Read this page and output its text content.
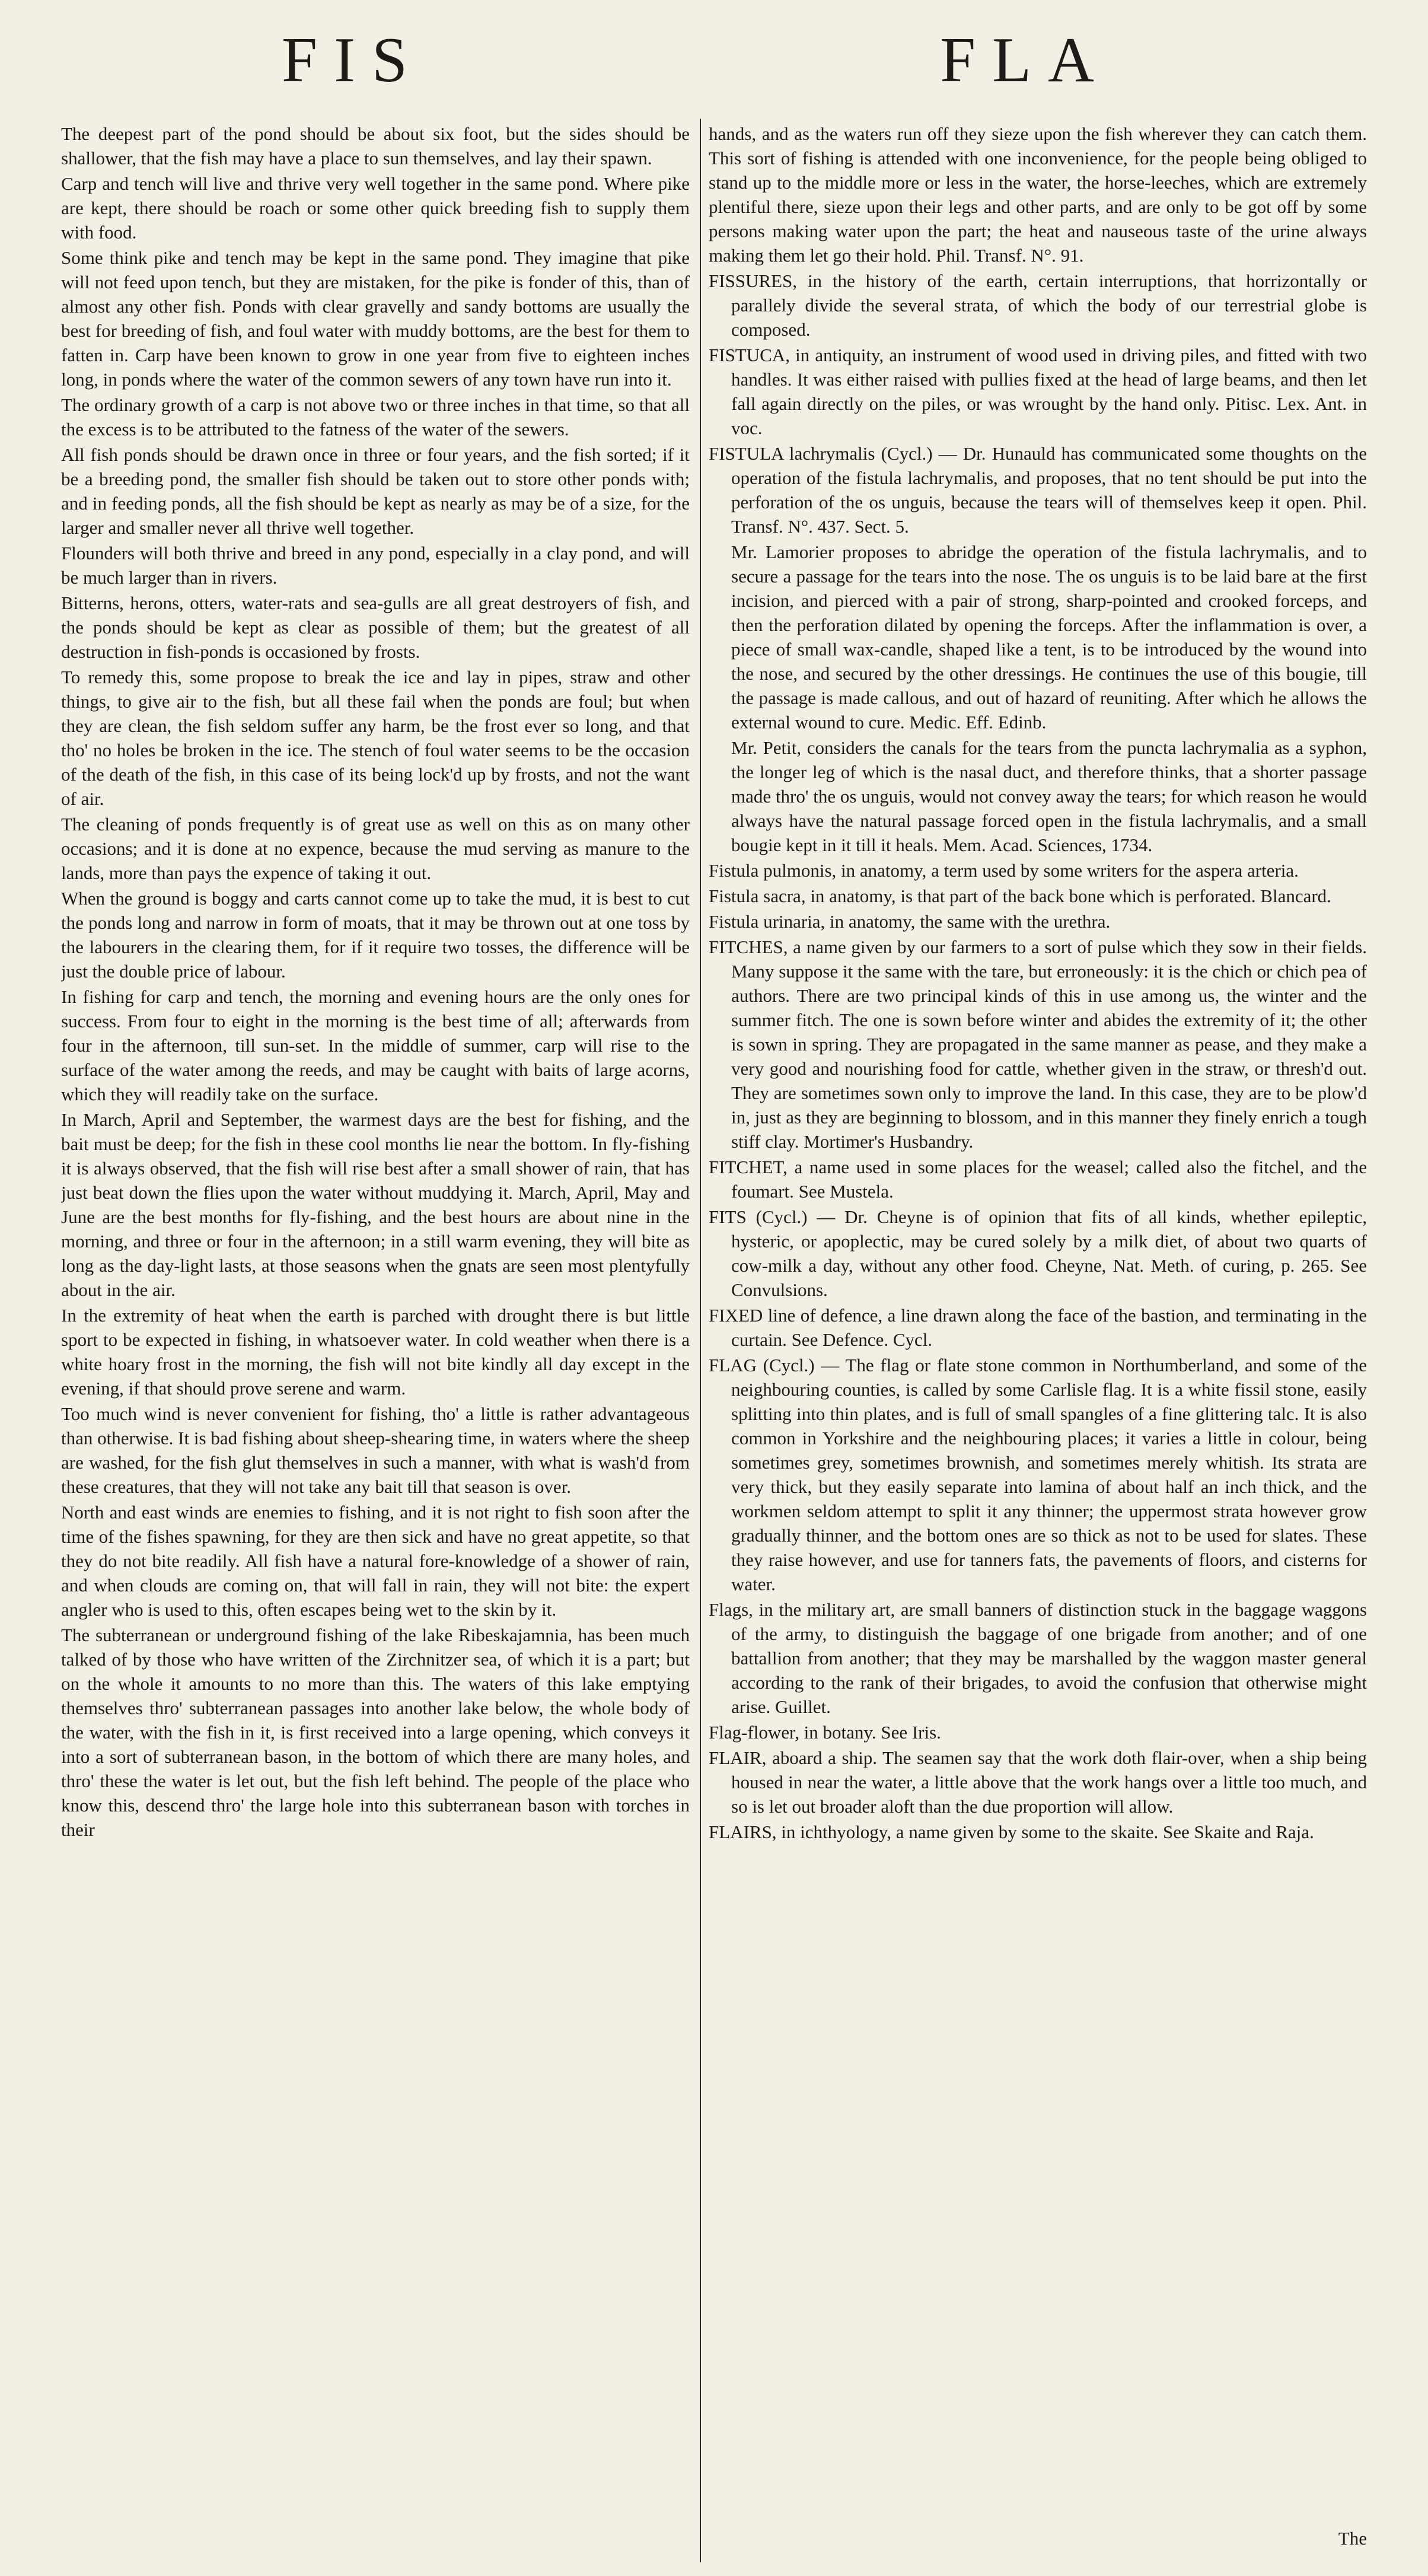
FIS	FLA

The deepest part of the pond should be about six foot, but the sides should be shallower, that the fish may have a place to sun themselves, and lay their spawn.

Carp and tench will live and thrive very well together in the same pond. Where pike are kept, there should be roach or some other quick breeding fish to supply them with food.

Some think pike and tench may be kept in the same pond. They imagine that pike will not feed upon tench, but they are mistaken, for the pike is fonder of this, than of almost any other fish. Ponds with clear gravelly and sandy bottoms are usually the best for breeding of fish, and foul water with muddy bottoms, are the best for them to fatten in. Carp have been known to grow in one year from five to eighteen inches long, in ponds where the water of the common sewers of any town have run into it.

The ordinary growth of a carp is not above two or three inches in that time, so that all the excess is to be attributed to the fatness of the water of the sewers.

All fish ponds should be drawn once in three or four years, and the fish sorted; if it be a breeding pond, the smaller fish should be taken out to store other ponds with; and in feeding ponds, all the fish should be kept as nearly as may be of a size, for the larger and smaller never all thrive well together.

Flounders will both thrive and breed in any pond, especially in a clay pond, and will be much larger than in rivers.

Bitterns, herons, otters, water-rats and sea-gulls are all great destroyers of fish, and the ponds should be kept as clear as possible of them; but the greatest of all destruction in fish-ponds is occasioned by frosts.

To remedy this, some propose to break the ice and lay in pipes, straw and other things, to give air to the fish, but all these fail when the ponds are foul; but when they are clean, the fish seldom suffer any harm, be the frost ever so long, and that tho' no holes be broken in the ice. The stench of foul water seems to be the occasion of the death of the fish, in this case of its being lock'd up by frosts, and not the want of air.

The cleaning of ponds frequently is of great use as well on this as on many other occasions; and it is done at no expence, because the mud serving as manure to the lands, more than pays the expence of taking it out.

When the ground is boggy and carts cannot come up to take the mud, it is best to cut the ponds long and narrow in form of moats, that it may be thrown out at one toss by the labourers in the clearing them, for if it require two tosses, the difference will be just the double price of labour.

In fishing for carp and tench, the morning and evening hours are the only ones for success. From four to eight in the morning is the best time of all; afterwards from four in the afternoon, till sun-set. In the middle of summer, carp will rise to the surface of the water among the reeds, and may be caught with baits of large acorns, which they will readily take on the surface.

In March, April and September, the warmest days are the best for fishing, and the bait must be deep; for the fish in these cool months lie near the bottom. In fly-fishing it is always observed, that the fish will rise best after a small shower of rain, that has just beat down the flies upon the water without muddying it. March, April, May and June are the best months for fly-fishing, and the best hours are about nine in the morning, and three or four in the afternoon; in a still warm evening, they will bite as long as the day-light lasts, at those seasons when the gnats are seen most plentyfully about in the air.

In the extremity of heat when the earth is parched with drought there is but little sport to be expected in fishing, in whatsoever water. In cold weather when there is a white hoary frost in the morning, the fish will not bite kindly all day except in the evening, if that should prove serene and warm.

Too much wind is never convenient for fishing, tho' a little is rather advantageous than otherwise. It is bad fishing about sheep-shearing time, in waters where the sheep are washed, for the fish glut themselves in such a manner, with what is wash'd from these creatures, that they will not take any bait till that season is over.

North and east winds are enemies to fishing, and it is not right to fish soon after the time of the fishes spawning, for they are then sick and have no great appetite, so that they do not bite readily. All fish have a natural fore-knowledge of a shower of rain, and when clouds are coming on, that will fall in rain, they will not bite: the expert angler who is used to this, often escapes being wet to the skin by it.

The subterranean or underground fishing of the lake Ribeskajamnia, has been much talked of by those who have written of the Zirchnitzer sea, of which it is a part; but on the whole it amounts to no more than this. The waters of this lake emptying themselves thro' subterranean passages into another lake below, the whole body of the water, with the fish in it, is first received into a large opening, which conveys it into a sort of subterranean bason, in the bottom of which there are many holes, and thro' these the water is let out, but the fish left behind. The people of the place who know this, descend thro' the large hole into this subterranean bason with torches in their

hands, and as the waters run off they sieze upon the fish wherever they can catch them. This sort of fishing is attended with one inconvenience, for the people being obliged to stand up to the middle more or less in the water, the horse-leeches, which are extremely plentiful there, sieze upon their legs and other parts, and are only to be got off by some persons making water upon the part; the heat and nauseous taste of the urine always making them let go their hold. Phil. Transf. N°. 91.

FISSURES, in the history of the earth, certain interruptions, that horrizontally or parallely divide the several strata, of which the body of our terrestrial globe is composed.

FISTUCA, in antiquity, an instrument of wood used in driving piles, and fitted with two handles. It was either raised with pullies fixed at the head of large beams, and then let fall again directly on the piles, or was wrought by the hand only. Pitisc. Lex. Ant. in voc.

FISTULA lachrymalis (Cycl.) — Dr. Hunauld has communicated some thoughts on the operation of the fistula lachrymalis, and proposes, that no tent should be put into the perforation of the os unguis, because the tears will of themselves keep it open. Phil. Transf. N°. 437. Sect. 5.

Mr. Lamorier proposes to abridge the operation of the fistula lachrymalis, and to secure a passage for the tears into the nose. The os unguis is to be laid bare at the first incision, and pierced with a pair of strong, sharp-pointed and crooked forceps, and then the perforation dilated by opening the forceps. After the inflammation is over, a piece of small wax-candle, shaped like a tent, is to be introduced by the wound into the nose, and secured by the other dressings. He continues the use of this bougie, till the passage is made callous, and out of hazard of reuniting. After which he allows the external wound to cure. Medic. Eff. Edinb.

Mr. Petit, considers the canals for the tears from the puncta lachrymalia as a syphon, the longer leg of which is the nasal duct, and therefore thinks, that a shorter passage made thro' the os unguis, would not convey away the tears; for which reason he would always have the natural passage forced open in the fistula lachrymalis, and a small bougie kept in it till it heals. Mem. Acad. Sciences, 1734.

Fistula pulmonis, in anatomy, a term used by some writers for the aspera arteria.

Fistula sacra, in anatomy, is that part of the back bone which is perforated. Blancard.

Fistula urinaria, in anatomy, the same with the urethra.

FITCHES, a name given by our farmers to a sort of pulse which they sow in their fields. Many suppose it the same with the tare, but erroneously: it is the chich or chich pea of authors. There are two principal kinds of this in use among us, the winter and the summer fitch. The one is sown before winter and abides the extremity of it; the other is sown in spring. They are propagated in the same manner as pease, and they make a very good and nourishing food for cattle, whether given in the straw, or thresh'd out. They are sometimes sown only to improve the land. In this case, they are to be plow'd in, just as they are beginning to blossom, and in this manner they finely enrich a tough stiff clay. Mortimer's Husbandry.

FITCHET, a name used in some places for the weasel; called also the fitchel, and the foumart. See Mustela.

FITS (Cycl.) — Dr. Cheyne is of opinion that fits of all kinds, whether epileptic, hysteric, or apoplectic, may be cured solely by a milk diet, of about two quarts of cow-milk a day, without any other food. Cheyne, Nat. Meth. of curing, p. 265. See Convulsions.

FIXED line of defence, a line drawn along the face of the bastion, and terminating in the curtain. See Defence. Cycl.

FLAG (Cycl.) — The flag or flate stone common in Northumberland, and some of the neighbouring counties, is called by some Carlisle flag. It is a white fissil stone, easily splitting into thin plates, and is full of small spangles of a fine glittering talc. It is also common in Yorkshire and the neighbouring places; it varies a little in colour, being sometimes grey, sometimes brownish, and sometimes merely whitish. Its strata are very thick, but they easily separate into lamina of about half an inch thick, and the workmen seldom attempt to split it any thinner; the uppermost strata however grow gradually thinner, and the bottom ones are so thick as not to be used for slates. These they raise however, and use for tanners fats, the pavements of floors, and cisterns for water.

Flags, in the military art, are small banners of distinction stuck in the baggage waggons of the army, to distinguish the baggage of one brigade from another; and of one battallion from another; that they may be marshalled by the waggon master general according to the rank of their brigades, to avoid the confusion that otherwise might arise. Guillet.

Flag-flower, in botany. See Iris.

FLAIR, aboard a ship. The seamen say that the work doth flair-over, when a ship being housed in near the water, a little above that the work hangs over a little too much, and so is let out broader aloft than the due proportion will allow.

FLAIRS, in ichthyology, a name given by some to the skaite. See Skaite and Raja.

The
